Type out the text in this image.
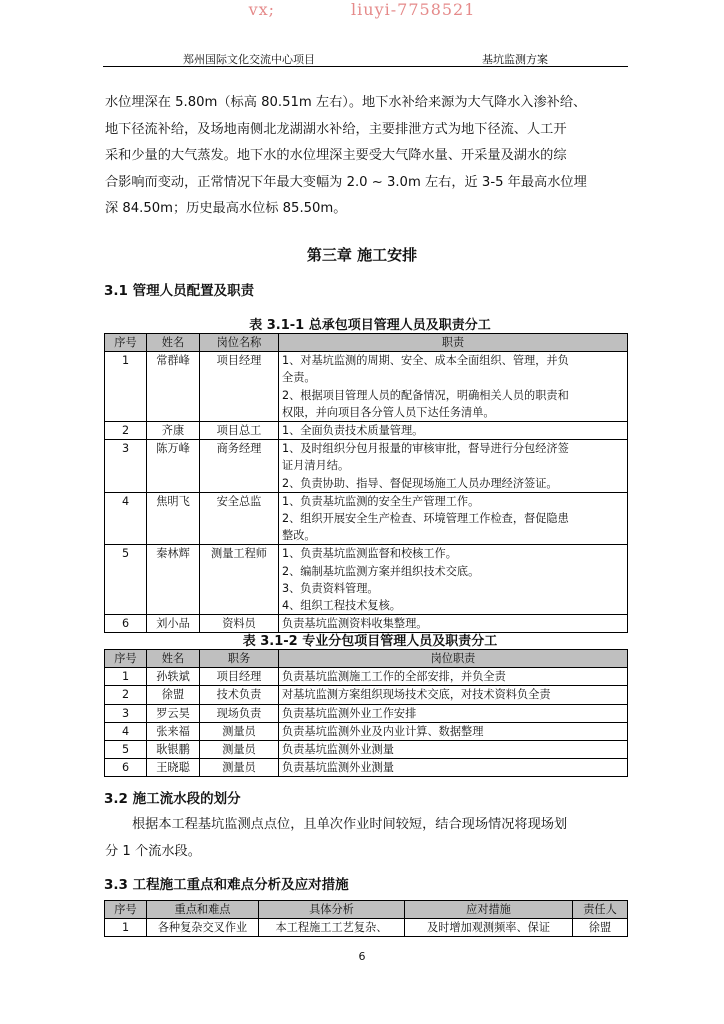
vx;	liuyi-7758521
郑州国际文化交流中心项目	基坑监测方案
水位埋深在 5.80m（标高 80.51m 左右）。地下水补给来源为大气降水入渗补给、
地下径流补给，及场地南侧北龙湖湖水补给，主要排泄方式为地下径流、人工开
采和少量的大气蒸发。地下水的水位埋深主要受大气降水量、开采量及湖水的综
合影响而变动，正常情况下年最大变幅为 2.0 ~ 3.0m 左右，近 3-5 年最高水位埋
深 84.50m；历史最高水位标 85.50m。
第三章 施工安排
3.1 管理人员配置及职责
表 3.1-1 总承包项目管理人员及职责分工
序号	姓名	岗位名称	职责
1	常群峰	项目经理	1、对基坑监测的周期、安全、成本全面组织、管理，并负
全责。
2、根据项目管理人员的配备情况，明确相关人员的职责和
权限，并向项目各分管人员下达任务清单。

2	齐康	项目总工	1、全面负责技术质量管理。

3	陈万峰	商务经理	1、及时组织分包月报量的审核审批，督导进行分包经济签
证月清月结。
2、负责协助、指导、督促现场施工人员办理经济签证。

4	焦明飞	安全总监	1、负责基坑监测的安全生产管理工作。
2、组织开展安全生产检查、环境管理工作检查，督促隐患
整改。

5	秦林辉	测量工程师	1、负责基坑监测监督和校核工作。
2、编制基坑监测方案并组织技术交底。
3、负责资料管理。
4、组织工程技术复核。

6	刘小品	资料员	负责基坑监测资料收集整理。
表 3.1-2 专业分包项目管理人员及职责分工
序号	姓名	职务	岗位职责
1	孙轶斌	项目经理	负责基坑监测施工工作的全部安排，并负全责
2	徐盟	技术负责	对基坑监测方案组织现场技术交底，对技术资料负全责
3	罗云昊	现场负责	负责基坑监测外业工作安排
4	张来福	测量员	负责基坑监测外业及内业计算、数据整理
5	耿银鹏	测量员	负责基坑监测外业测量
6	王晓聪	测量员	负责基坑监测外业测量
3.2 施工流水段的划分
根据本工程基坑监测点点位，且单次作业时间较短，结合现场情况将现场划
分 1 个流水段。
3.3 工程施工重点和难点分析及应对措施
序号	重点和难点	具体分析	应对措施	责任人
1	各种复杂交叉作业	本工程施工工艺复杂、	及时增加观测频率、保证	徐盟
6
